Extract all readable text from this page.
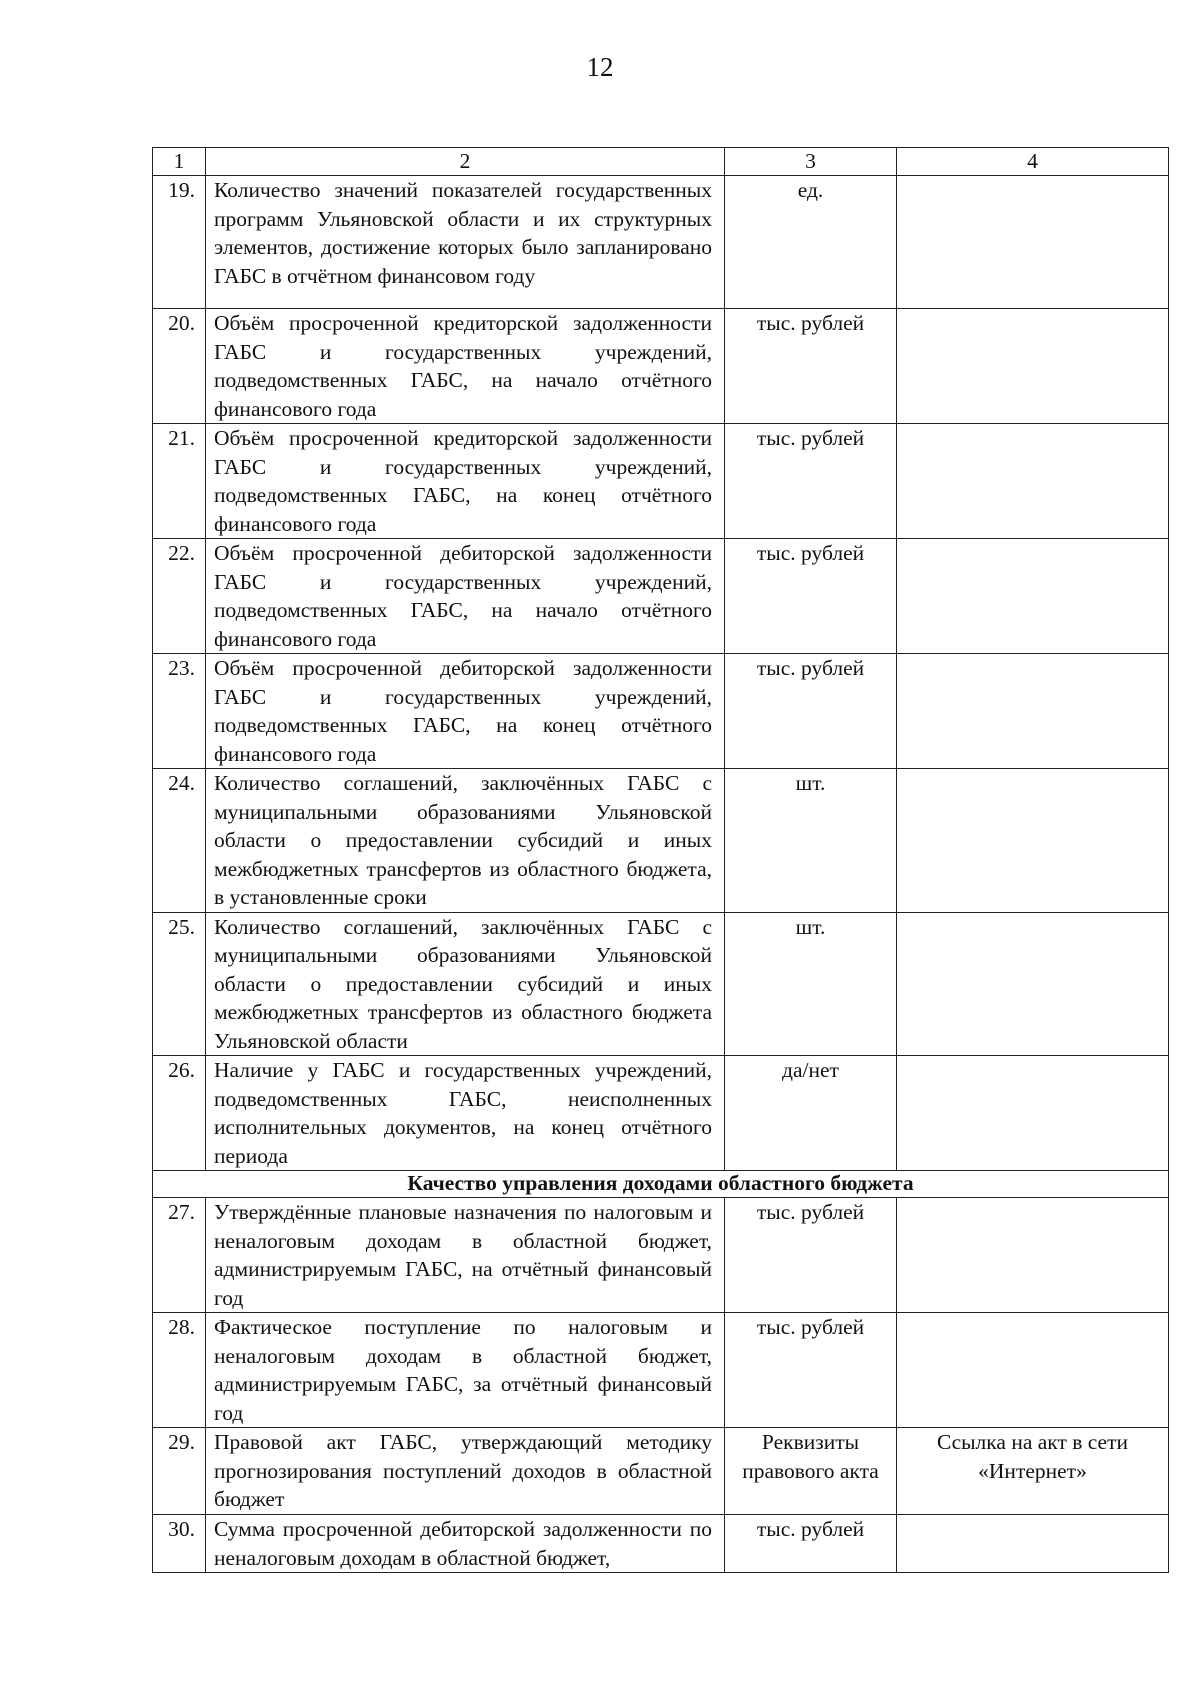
12
1	2	3	4
19.	Количество значений показателей государственных программ Ульяновской области и их структурных элементов, достижение которых было запланировано ГАБС в отчётном финансовом году	ед.	
20.	Объём просроченной кредиторской задолженности ГАБС и государственных учреждений, подведомственных ГАБС, на начало отчётного финансового года	тыс. рублей	
21.	Объём просроченной кредиторской задолженности ГАБС и государственных учреждений, подведомственных ГАБС, на конец отчётного финансового года	тыс. рублей	
22.	Объём просроченной дебиторской задолженности ГАБС и государственных учреждений, подведомственных ГАБС, на начало отчётного финансового года	тыс. рублей	
23.	Объём просроченной дебиторской задолженности ГАБС и государственных учреждений, подведомственных ГАБС, на конец отчётного финансового года	тыс. рублей	
24.	Количество соглашений, заключённых ГАБС с муниципальными образованиями Ульяновской области о предоставлении субсидий и иных межбюджетных трансфертов из областного бюджета, в установленные сроки	шт.	
25.	Количество соглашений, заключённых ГАБС с муниципальными образованиями Ульяновской области о предоставлении субсидий и иных межбюджетных трансфертов из областного бюджета Ульяновской области	шт.	
26.	Наличие у ГАБС и государственных учреждений, подведомственных ГАБС, неисполненных исполнительных документов, на конец отчётного периода	да/нет	
Качество управления доходами областного бюджета			
27.	Утверждённые плановые назначения по налоговым и неналоговым доходам в областной бюджет, администрируемым ГАБС, на отчётный финансовый год	тыс. рублей	
28.	Фактическое поступление по налоговым и неналоговым доходам в областной бюджет, администрируемым ГАБС, за отчётный финансовый год	тыс. рублей	
29.	Правовой акт ГАБС, утверждающий методику прогнозирования поступлений доходов в областной бюджет	Реквизиты правового акта	Ссылка на акт в сети «Интернет»
30.	Сумма просроченной дебиторской задолженности по неналоговым доходам в областной бюджет,	тыс. рублей	
